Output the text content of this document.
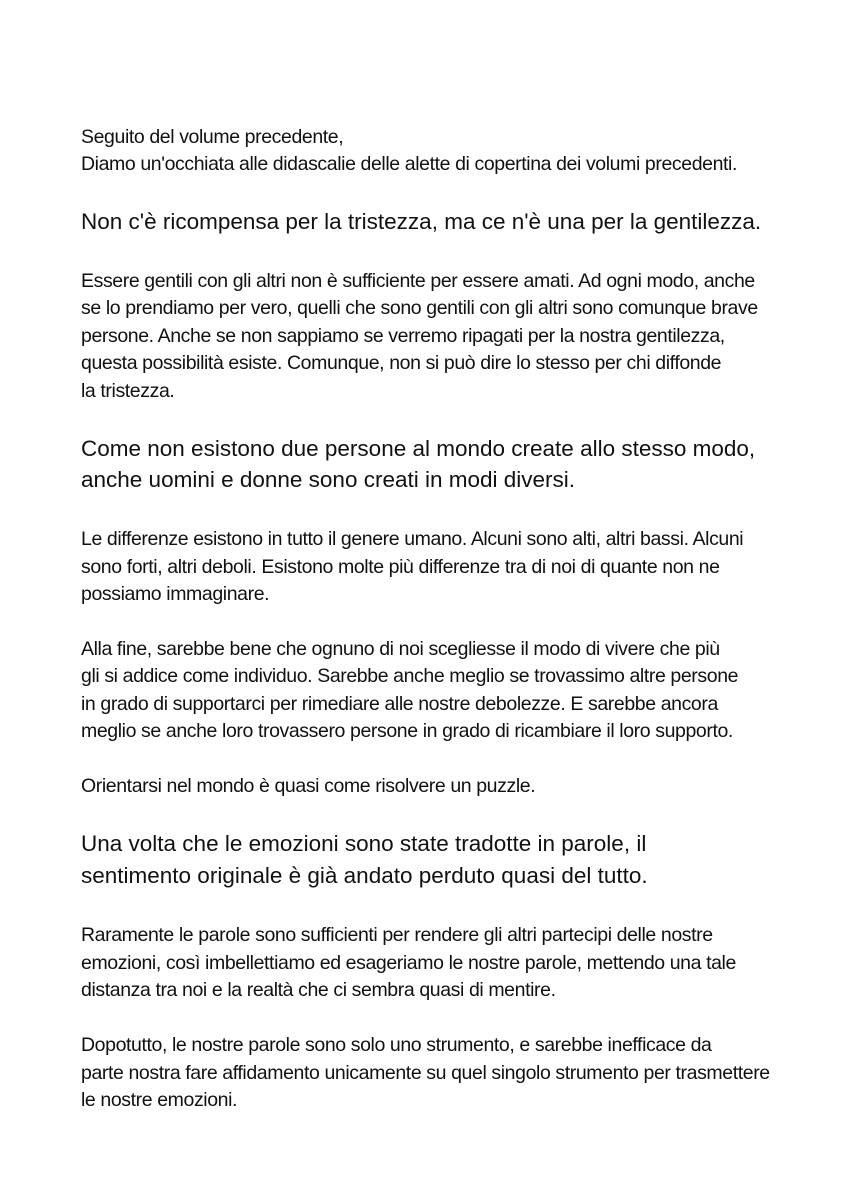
Seguito del volume precedente,
Diamo un'occhiata alle didascalie delle alette di copertina dei volumi precedenti.
Non c'è ricompensa per la tristezza, ma ce n'è una per la gentilezza.
Essere gentili con gli altri non è sufficiente per essere amati. Ad ogni modo, anche
se lo prendiamo per vero, quelli che sono gentili con gli altri sono comunque brave
persone. Anche se non sappiamo se verremo ripagati per la nostra gentilezza,
questa possibilità esiste. Comunque, non si può dire lo stesso per chi diffonde
la tristezza.
Come non esistono due persone al mondo create allo stesso modo,
anche uomini e donne sono creati in modi diversi.
Le differenze esistono in tutto il genere umano. Alcuni sono alti, altri bassi. Alcuni
sono forti, altri deboli. Esistono molte più differenze tra di noi di quante non ne
possiamo immaginare.
Alla fine, sarebbe bene che ognuno di noi scegliesse il modo di vivere che più
gli si addice come individuo. Sarebbe anche meglio se trovassimo altre persone
in grado di supportarci per rimediare alle nostre debolezze. E sarebbe ancora
meglio se anche loro trovassero persone in grado di ricambiare il loro supporto.
Orientarsi nel mondo è quasi come risolvere un puzzle.
Una volta che le emozioni sono state tradotte in parole, il
sentimento originale è già andato perduto quasi del tutto.
Raramente le parole sono sufficienti per rendere gli altri partecipi delle nostre
emozioni, così imbellettiamo ed esageriamo le nostre parole, mettendo una tale
distanza tra noi e la realtà che ci sembra quasi di mentire.
Dopotutto, le nostre parole sono solo uno strumento, e sarebbe inefficace da
parte nostra fare affidamento unicamente su quel singolo strumento per trasmettere
le nostre emozioni.
